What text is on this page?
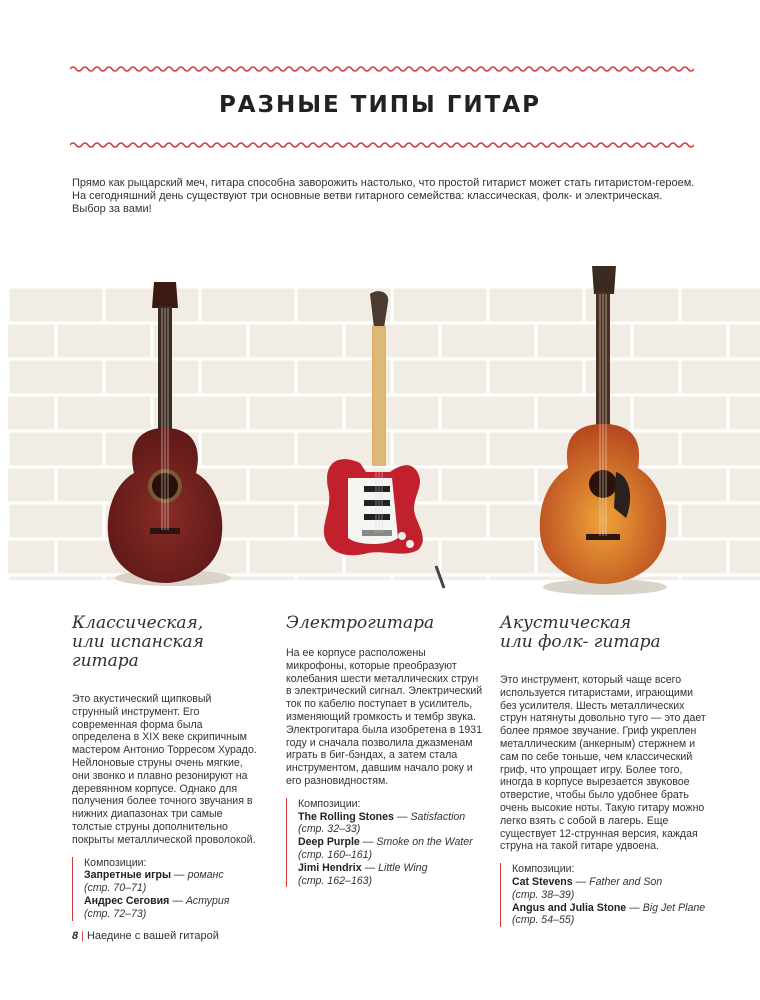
РАЗНЫЕ ТИПЫ ГИТАР

Прямо как рыцарский меч, гитара способна заворожить настолько, что простой гитарист может стать гитаристом-героем.

На сегодняшний день существуют три основные ветви гитарного семейства: классическая, фолк- и электрическая.

Выбор за вами!

Классическая,
или испанская гитара

Это акустический щипковый струнный инструмент. Его современная форма была определена в XIX веке скрипичным мастером Антонио Торресом Хурадо. Нейлоновые струны очень мягкие, они звонко и плавно резонируют на деревянном корпусе. Однако для получения более точного звучания в нижних диапазонах три самые толстые струны дополнительно покрыты металлической проволокой.

Композиции:
Запретные игры — романс
(стр. 70–71)
Андрес Сеговия — Астурия
(стр. 72–73)
Электрогитара

На ее корпусе расположены микрофоны, которые преобразуют колебания шести металлических струн в электрический сигнал. Электрический ток по кабелю поступает в усилитель, изменяющий громкость и тембр звука. Электрогитара была изобретена в 1931 году и сначала позволила джазменам играть в биг-бэндах, а затем стала инструментом, давшим начало року и его разновидностям.

Композиции:
The Rolling Stones — Satisfaction
(стр. 32–33)
Deep Purple — Smoke on the Water
(стр. 160–161)
Jimi Hendrix — Little Wing
(стр. 162–163)
Акустическая
или фолк- гитара

Это инструмент, который чаще всего используется гитаристами, играющими без усилителя. Шесть металлических струн натянуты довольно туго — это дает более прямое звучание. Гриф укреплен металлическим (анкерным) стержнем и сам по себе тоньше, чем классический гриф, что упрощает игру. Более того, иногда в корпусе вырезается звуковое отверстие, чтобы было удобнее брать очень высокие ноты. Такую гитару можно легко взять с собой в лагерь. Еще существует 12-струнная версия, каждая струна на такой гитаре удвоена.

Композиции:
Cat Stevens — Father and Son
(стр. 38–39)
Angus and Julia Stone — Big Jet Plane
(стр. 54–55)
8 | Наедине с вашей гитарой
